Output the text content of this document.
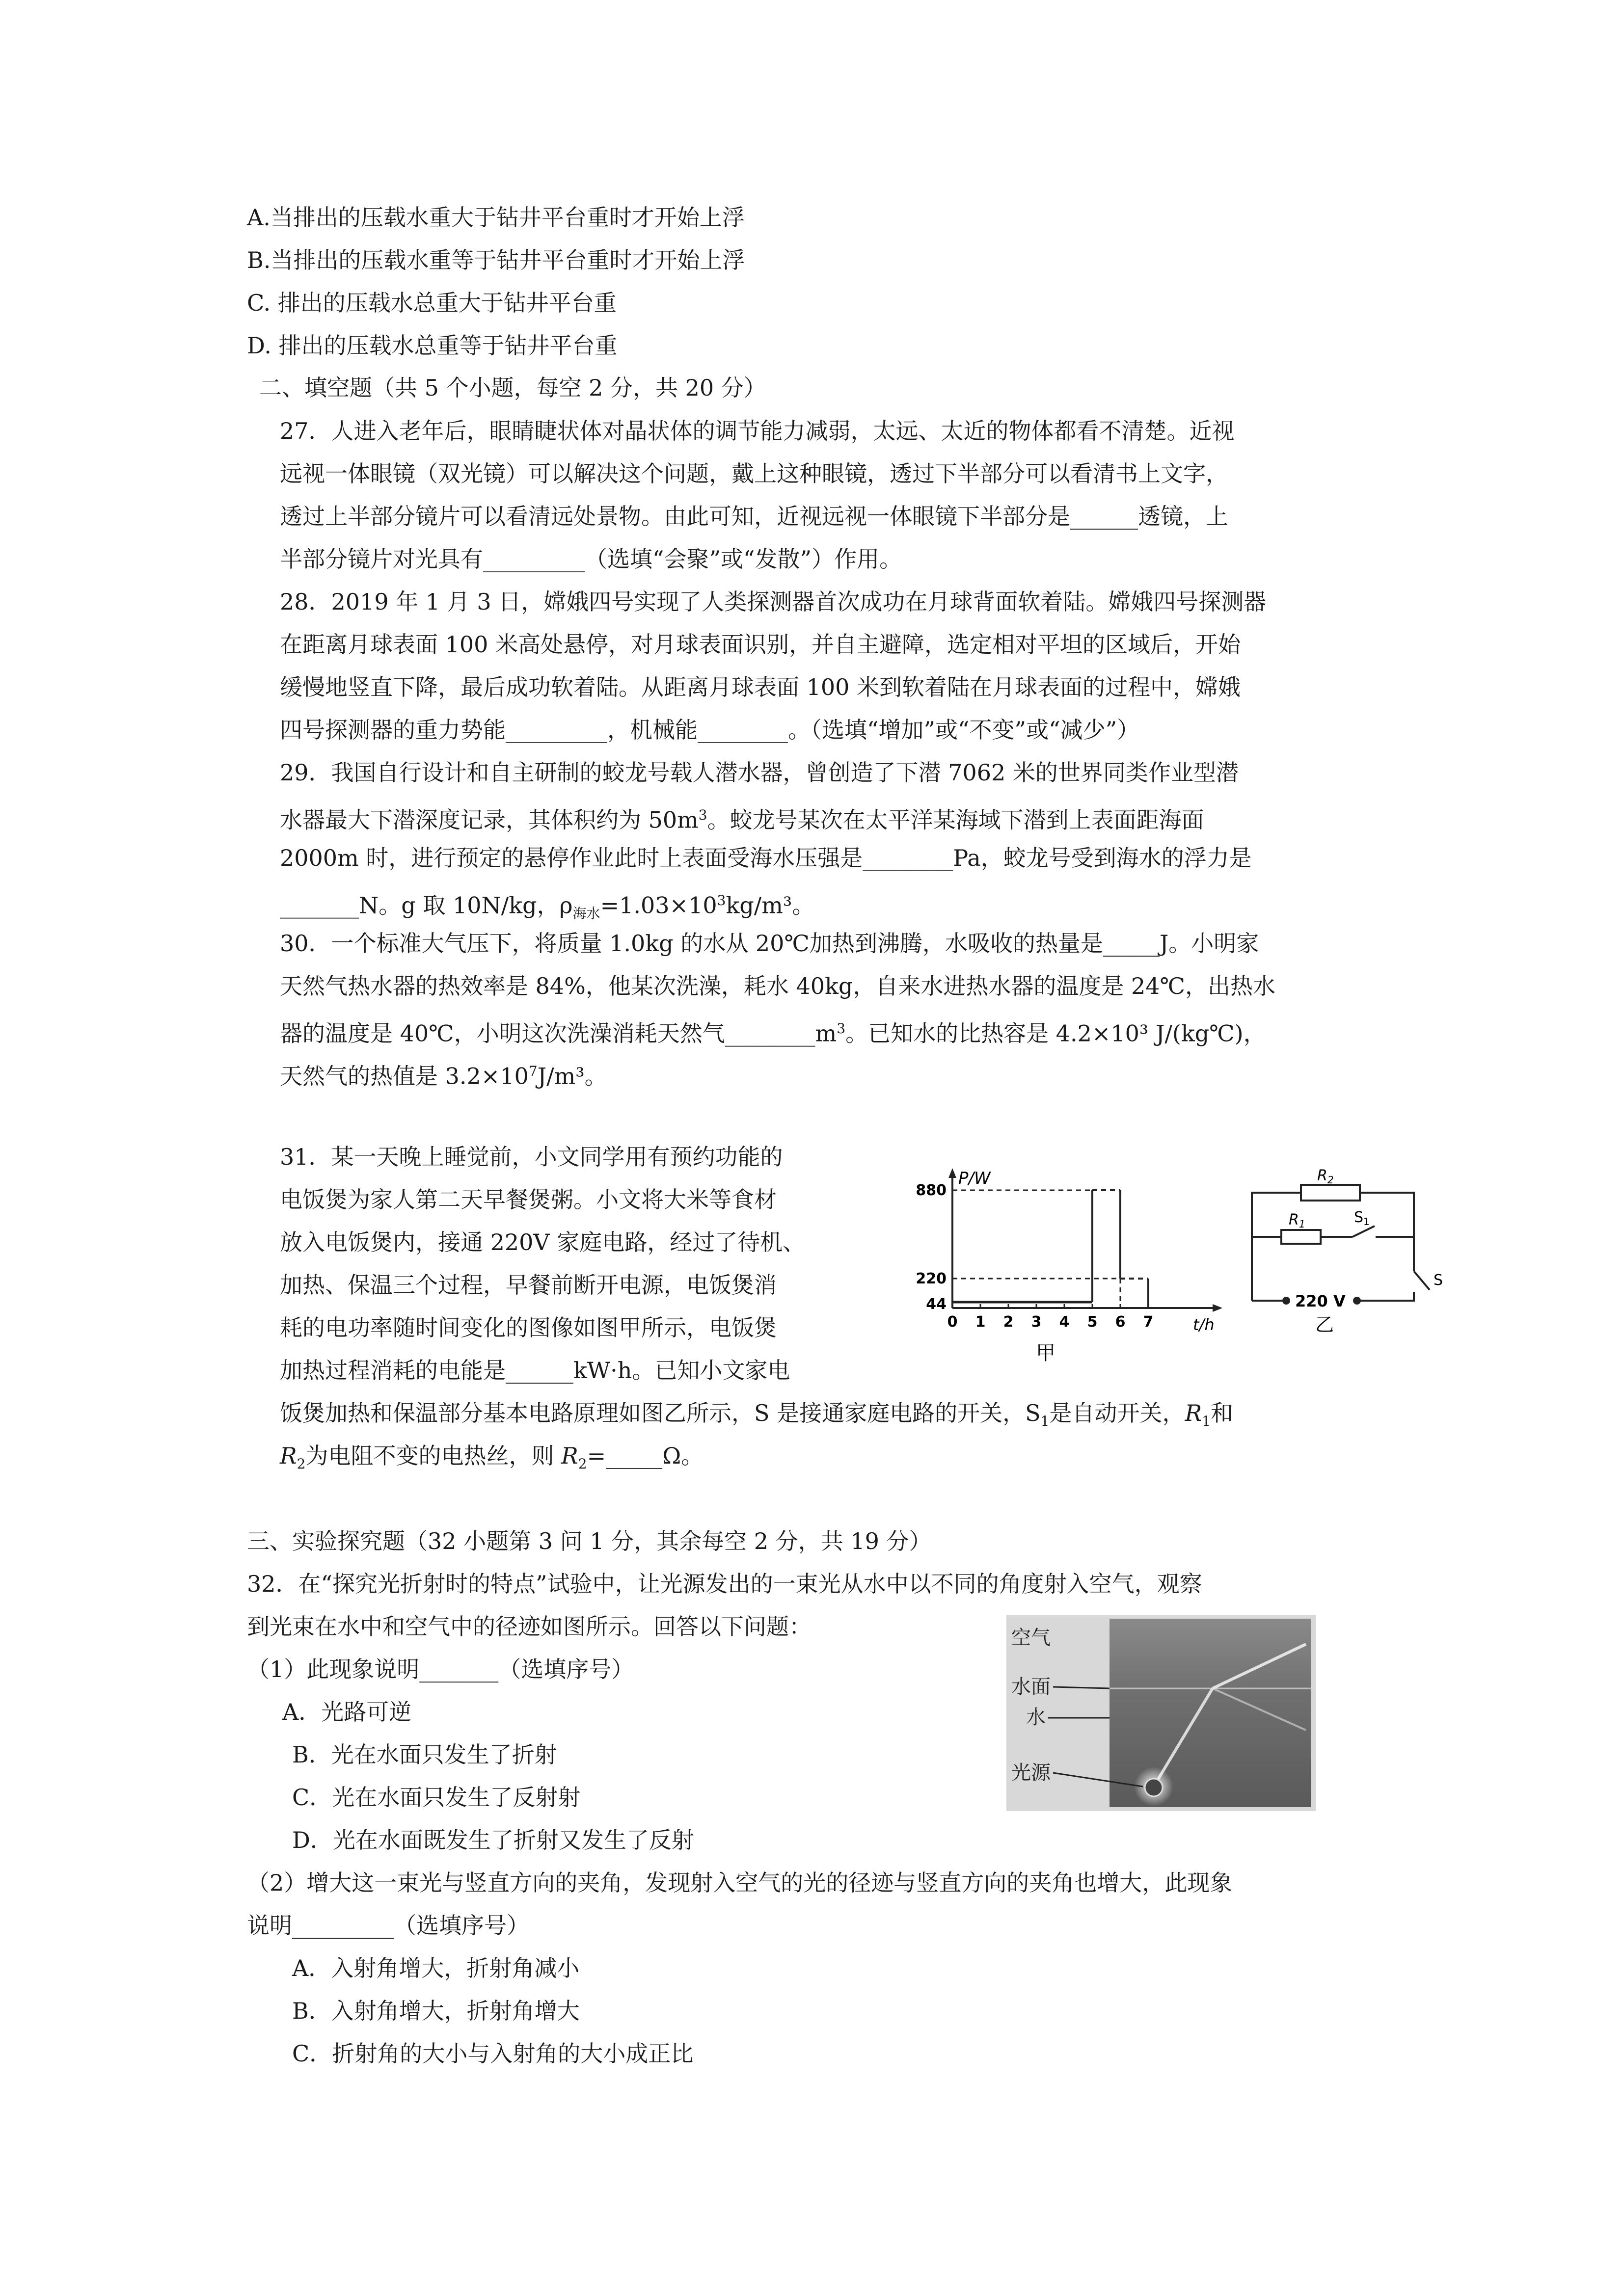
A.当排出的压载水重大于钻井平台重时才开始上浮
B.当排出的压载水重等于钻井平台重时才开始上浮
C. 排出的压载水总重大于钻井平台重
D. 排出的压载水总重等于钻井平台重
二、填空题（共 5 个小题，每空 2 分，共 20 分）
27．人进入老年后，眼睛睫状体对晶状体的调节能力减弱，太远、太近的物体都看不清楚。近视
远视一体眼镜（双光镜）可以解决这个问题，戴上这种眼镜，透过下半部分可以看清书上文字，
透过上半部分镜片可以看清远处景物。由此可知，近视远视一体眼镜下半部分是______透镜，上
半部分镜片对光具有_________（选填“会聚”或“发散”）作用。
28．2019 年 1 月 3 日，嫦娥四号实现了人类探测器首次成功在月球背面软着陆。嫦娥四号探测器
在距离月球表面 100 米高处悬停，对月球表面识别，并自主避障，选定相对平坦的区域后，开始
缓慢地竖直下降，最后成功软着陆。从距离月球表面 100 米到软着陆在月球表面的过程中，嫦娥
四号探测器的重力势能_________，机械能________。（选填“增加”或“不变”或“减少”）
29．我国自行设计和自主研制的蛟龙号载人潜水器，曾创造了下潜 7062 米的世界同类作业型潜
水器最大下潜深度记录，其体积约为 $50m^3$。蛟龙号某次在太平洋某海域下潜到上表面距海面
2000m 时，进行预定的悬停作业此时上表面受海水压强是________Pa，蛟龙号受到海水的浮力是
_______N。g 取 10N/kg，$\rho_{海水}=1.03\times 10^3kg/m^3$。
30．一个标准大气压下，将质量 1.0kg 的水从 20℃加热到沸腾，水吸收的热量是_____J。小明家
天然气热水器的热效率是 84%，他某次洗澡，耗水 40kg，自来水进热水器的温度是 24℃，出热水
器的温度是 40℃，小明这次洗澡消耗天然气$\_\_\_\_\_\_\_\_m^3$。已知水的比热容是 4.2×10³ J/(kg℃)，
天然气的热值是 $3.2\times 10^7J/m^3$。
31．某一天晚上睡觉前，小文同学用有预约功能的
电饭煲为家人第二天早餐煲粥。小文将大米等食材
放入电饭煲内，接通 220V 家庭电路，经过了待机、
加热、保温三个过程，早餐前断开电源，电饭煲消
耗的电功率随时间变化的图像如图甲所示，电饭煲
加热过程消耗的电能是______kW·h。已知小文家电
饭煲加热和保温部分基本电路原理如图乙所示，S 是接通家庭电路的开关，$S_1$是自动开关，$R_1$和
$R_2$为电阻不变的电热丝，则 $R_2=\_\_\_\_\_\Omega$。
P/W
t/h
甲
0 1 2 3 4 5 6 7
44
220
880
$R_2$
$R_1$	$S_1$
S
220 V
乙
三、实验探究题（32 小题第 3 问 1 分，其余每空 2 分，共 19 分）
32．在“探究光折射时的特点”试验中，让光源发出的一束光从水中以不同的角度射入空气，观察
到光束在水中和空气中的径迹如图所示。回答以下问题：
（1）此现象说明_______（选填序号）
A．光路可逆
B．光在水面只发生了折射
C．光在水面只发生了反射射
D．光在水面既发生了折射又发生了反射
（2）增大这一束光与竖直方向的夹角，发现射入空气的光的径迹与竖直方向的夹角也增大，此现象
说明_________（选填序号）
A．入射角增大，折射角减小
B．入射角增大，折射角增大
C．折射角的大小与入射角的大小成正比
空气
水面
水
光源
